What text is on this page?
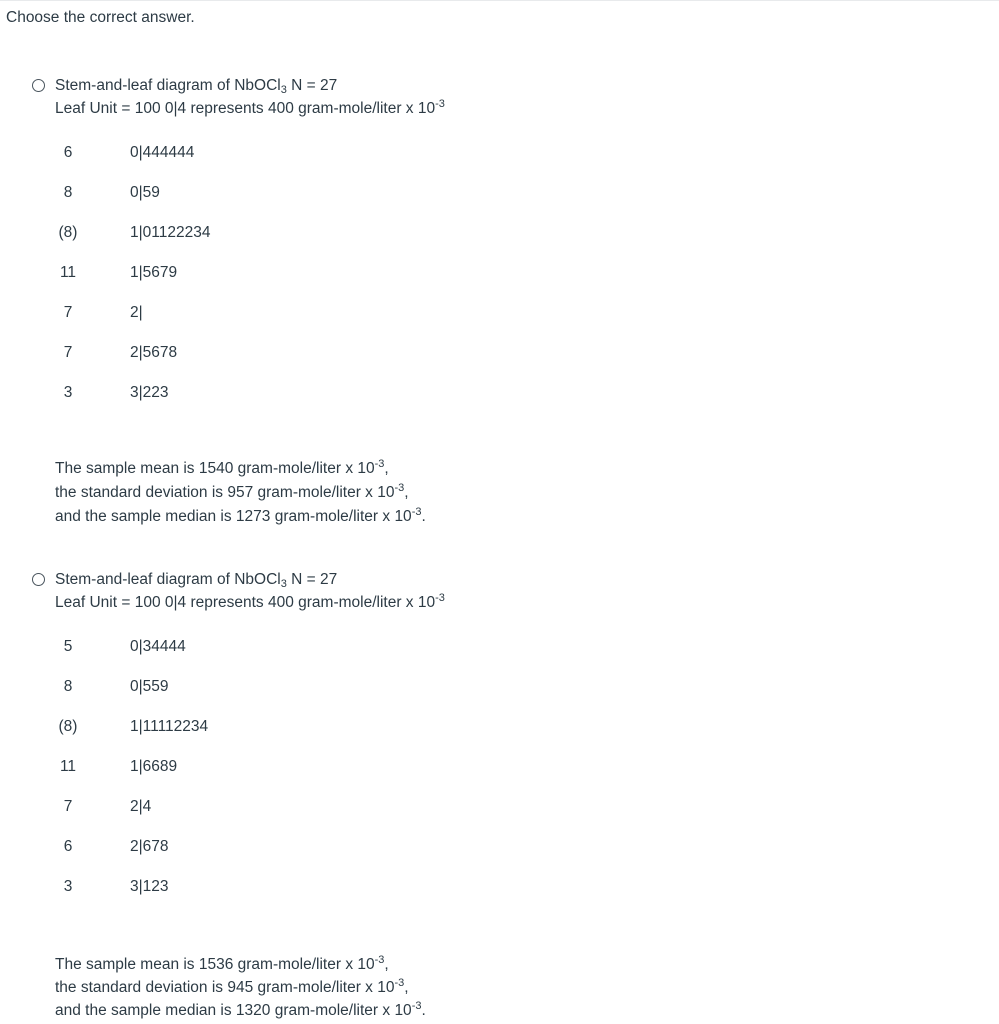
Choose the correct answer.
Stem-and-leaf diagram of NbOCl$_3$ N = 27
Leaf Unit = 100 0|4 represents 400 gram-mole/liter x $10^{-3}$
6	0|444444
8	0|59
(8)	1|01122234
11	1|5679
7	2|
7	2|5678
3	3|223
The sample mean is 1540 gram-mole/liter x $10^{-3}$,
the standard deviation is 957 gram-mole/liter x $10^{-3}$,
and the sample median is 1273 gram-mole/liter x $10^{-3}$.
Stem-and-leaf diagram of NbOCl$_3$ N = 27
Leaf Unit = 100 0|4 represents 400 gram-mole/liter x $10^{-3}$
5	0|34444
8	0|559
(8)	1|11112234
11	1|6689
7	2|4
6	2|678
3	3|123
The sample mean is 1536 gram-mole/liter x $10^{-3}$,
the standard deviation is 945 gram-mole/liter x $10^{-3}$,
and the sample median is 1320 gram-mole/liter x $10^{-3}$.
